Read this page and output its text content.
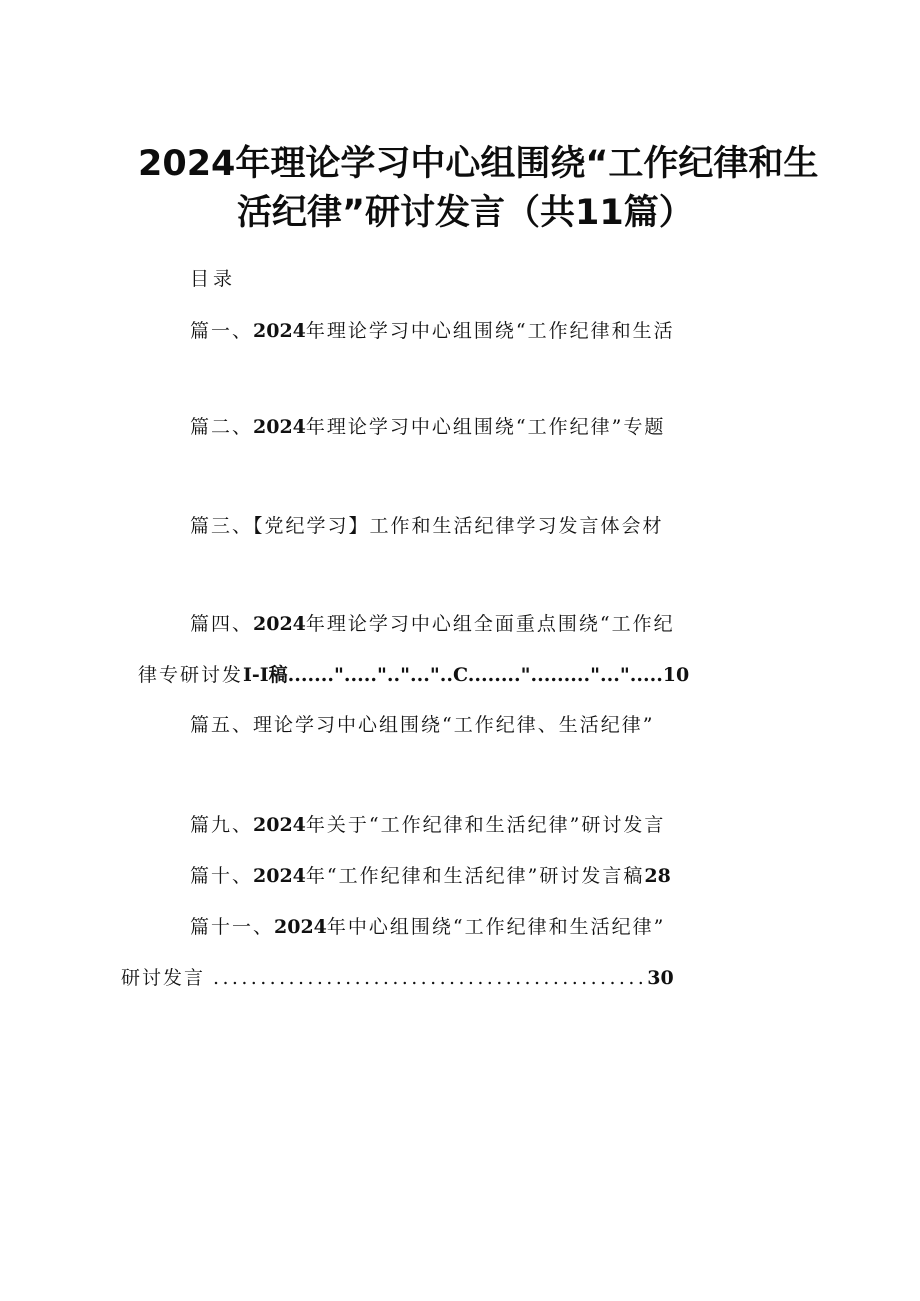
2024年理论学习中心组围绕“工作纪律和生
活纪律”研讨发言（共11篇）
目录
篇一、2024年理论学习中心组围绕“工作纪律和生活
篇二、2024年理论学习中心组围绕“工作纪律”专题
篇三、【党纪学习】工作和生活纪律学习发言体会材
篇四、2024年理论学习中心组全面重点围绕“工作纪
律专研讨发I-I稿.......".....".."..."..C........"........."...".....10
篇五、理论学习中心组围绕“工作纪律、生活纪律”
篇九、2024年关于“工作纪律和生活纪律”研讨发言
篇十、2024年“工作纪律和生活纪律”研讨发言稿28
篇十一、2024年中心组围绕“工作纪律和生活纪律”
研讨发言 ..............................................30
